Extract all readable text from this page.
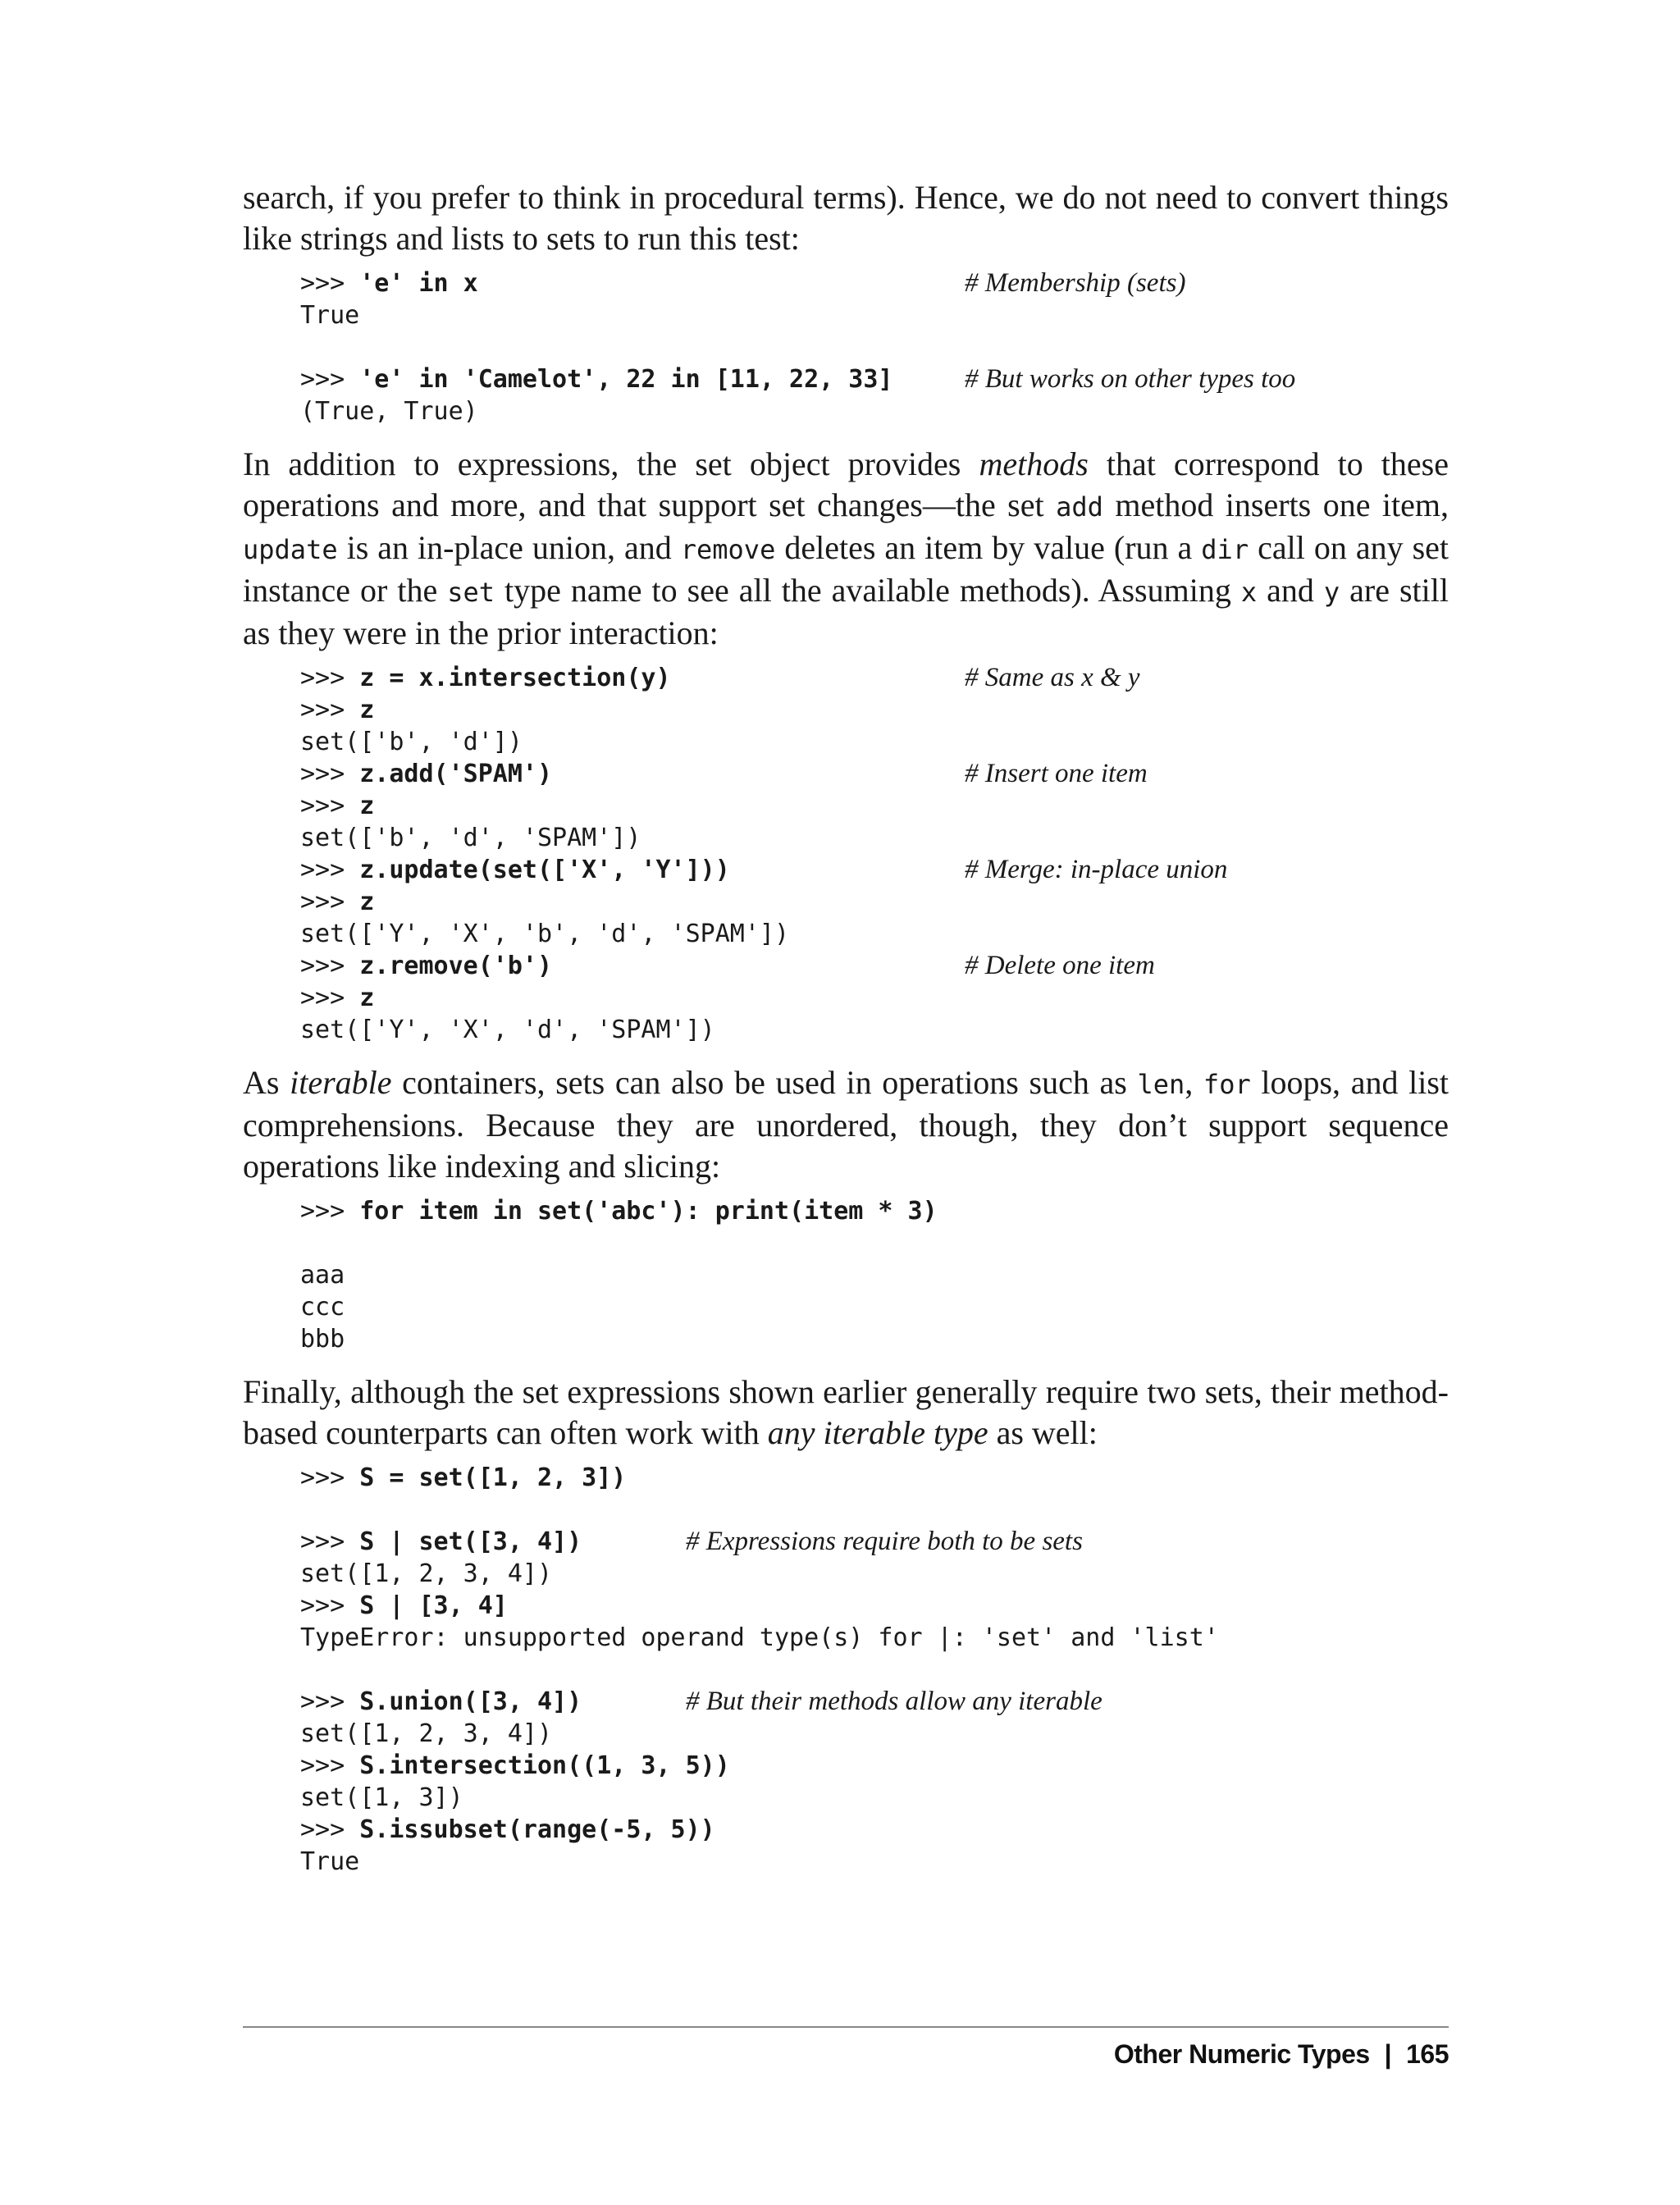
search, if you prefer to think in procedural terms). Hence, we do not need to convert things like strings and lists to sets to run this test:

>>> 'e' in x	# Membership (sets)
True
>>> 'e' in 'Camelot', 22 in [11, 22, 33]	# But works on other types too
(True, True)

In addition to expressions, the set object provides methods that correspond to these operations and more, and that support set changes—the set add method inserts one item, update is an in-place union, and remove deletes an item by value (run a dir call on any set instance or the set type name to see all the available methods). Assuming x and y are still as they were in the prior interaction:

>>> z = x.intersection(y)	# Same as x & y
>>> z
set(['b', 'd'])
>>> z.add('SPAM')	# Insert one item
>>> z
set(['b', 'd', 'SPAM'])
>>> z.update(set(['X', 'Y']))	# Merge: in-place union
>>> z
set(['Y', 'X', 'b', 'd', 'SPAM'])
>>> z.remove('b')	# Delete one item
>>> z
set(['Y', 'X', 'd', 'SPAM'])

As iterable containers, sets can also be used in operations such as len, for loops, and list comprehensions. Because they are unordered, though, they don’t support sequence operations like indexing and slicing:

>>> for item in set('abc'): print(item * 3)
aaa
ccc
bbb

Finally, although the set expressions shown earlier generally require two sets, their method-based counterparts can often work with any iterable type as well:

>>> S = set([1, 2, 3])
>>> S | set([3, 4])	# Expressions require both to be sets
set([1, 2, 3, 4])
>>> S | [3, 4]
TypeError: unsupported operand type(s) for |: 'set' and 'list'
>>> S.union([3, 4])	# But their methods allow any iterable
set([1, 2, 3, 4])
>>> S.intersection((1, 3, 5))
set([1, 3])
>>> S.issubset(range(-5, 5))
True
Other Numeric Types | 165
